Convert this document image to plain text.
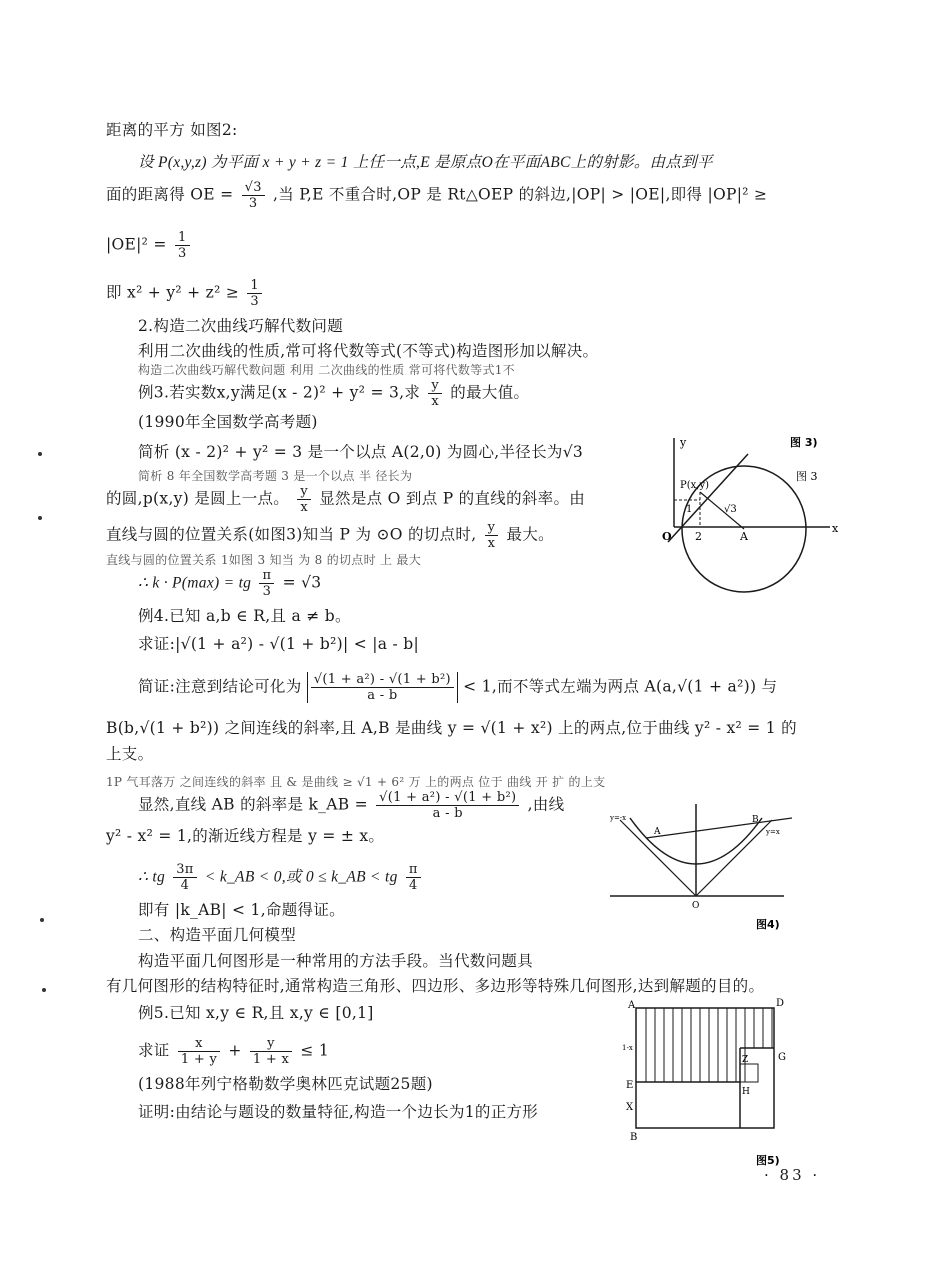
距离的平方 如图2:
设 P(x,y,z) 为平面 x + y + z = 1 上任一点,E 是原点O在平面ABC上的射影。由点到平
面的距离得 OE = $\frac{√3}{3}$ ,当 P,E 不重合时,OP 是 Rt△OEP 的斜边,|OP| > |OE|,即得 |OP|² ≥
$|OE|^2 = \frac{1}{3}$
即 $x^2 + y^2 + z^2 \ge \frac{1}{3}$
2.构造二次曲线巧解代数问题
利用二次曲线的性质,常可将代数等式(不等式)构造图形加以解决。
构造二次曲线巧解代数问题 利用 二次曲线的性质 常可将代数等式1不
例3.若实数x,y满足(x - 2)² + y² = 3,求 $\frac{y}{x}$ 的最大值。
(1990年全国数学高考题)
简析 (x - 2)² + y² = 3 是一个以点 A(2,0) 为圆心,半径长为√3
简析 8 年全国数学高考题 3 是一个以点 半 径长为
的圆,p(x,y) 是圆上一点。 $\frac{y}{x}$ 显然是点 O 到点 P 的直线的斜率。由
直线与圆的位置关系(如图3)知当 P 为 ⊙O 的切点时, $\frac{y}{x}$ 最大。
直线与圆的位置关系 1如图 3 知当 为 8 的切点时 上 最大
∴ k · P(max) = tg $\frac{\pi}{3} = √3$
例4.已知 a,b ∈ R,且 a ≠ b。
求证:|√(1 + a²) - √(1 + b²)| < |a - b|
简证:注意到结论可化为 $\frac{\text{√(1 + a²) - √(1 + b²)}}{a - b} < 1$,而不等式左端为两点 A(a,√(1 + a²)) 与
B(b,√(1 + b²)) 之间连线的斜率,且 A,B 是曲线 y = √(1 + x²) 上的两点,位于曲线 y² - x² = 1 的
上支。
1P 气耳落万 之间连线的斜率 且 & 是曲线 ≥ √1 + 6² 万 上的两点 位于 曲线 开 扩 的上支
显然,直线 AB 的斜率是 k_AB = $\frac{\text{√(1 + a²) - √(1 + b²)}}{a - b}$ ,由线
y² - x² = 1,的渐近线方程是 y = ± x。
∴ tg $\frac{3\pi}{4}$ < k_AB < 0,或 0 ≤ k_AB < tg $\frac{\pi}{4}$
即有 |k_AB| < 1,命题得证。
二、构造平面几何模型
构造平面几何图形是一种常用的方法手段。当代数问题具
有几何图形的结构特征时,通常构造三角形、四边形、多边形等特殊几何图形,达到解题的目的。
例5.已知 x,y ∈ R,且 x,y ∈ [0,1]
求证 $\frac{x}{1 + y} + \frac{y}{1 + x} \le 1$
(1988年列宁格勒数学奥林匹克试题25题)
证明:由结论与题设的数量特征,构造一个边长为1的正方形
y
x
P(x,y)
O
1
2	A
√3
图 3)
图 3
A
B
O
y=-x
y=x
图4)
A	D
E
G
Z
H
X
B
1-x
图5)
· 83 ·
